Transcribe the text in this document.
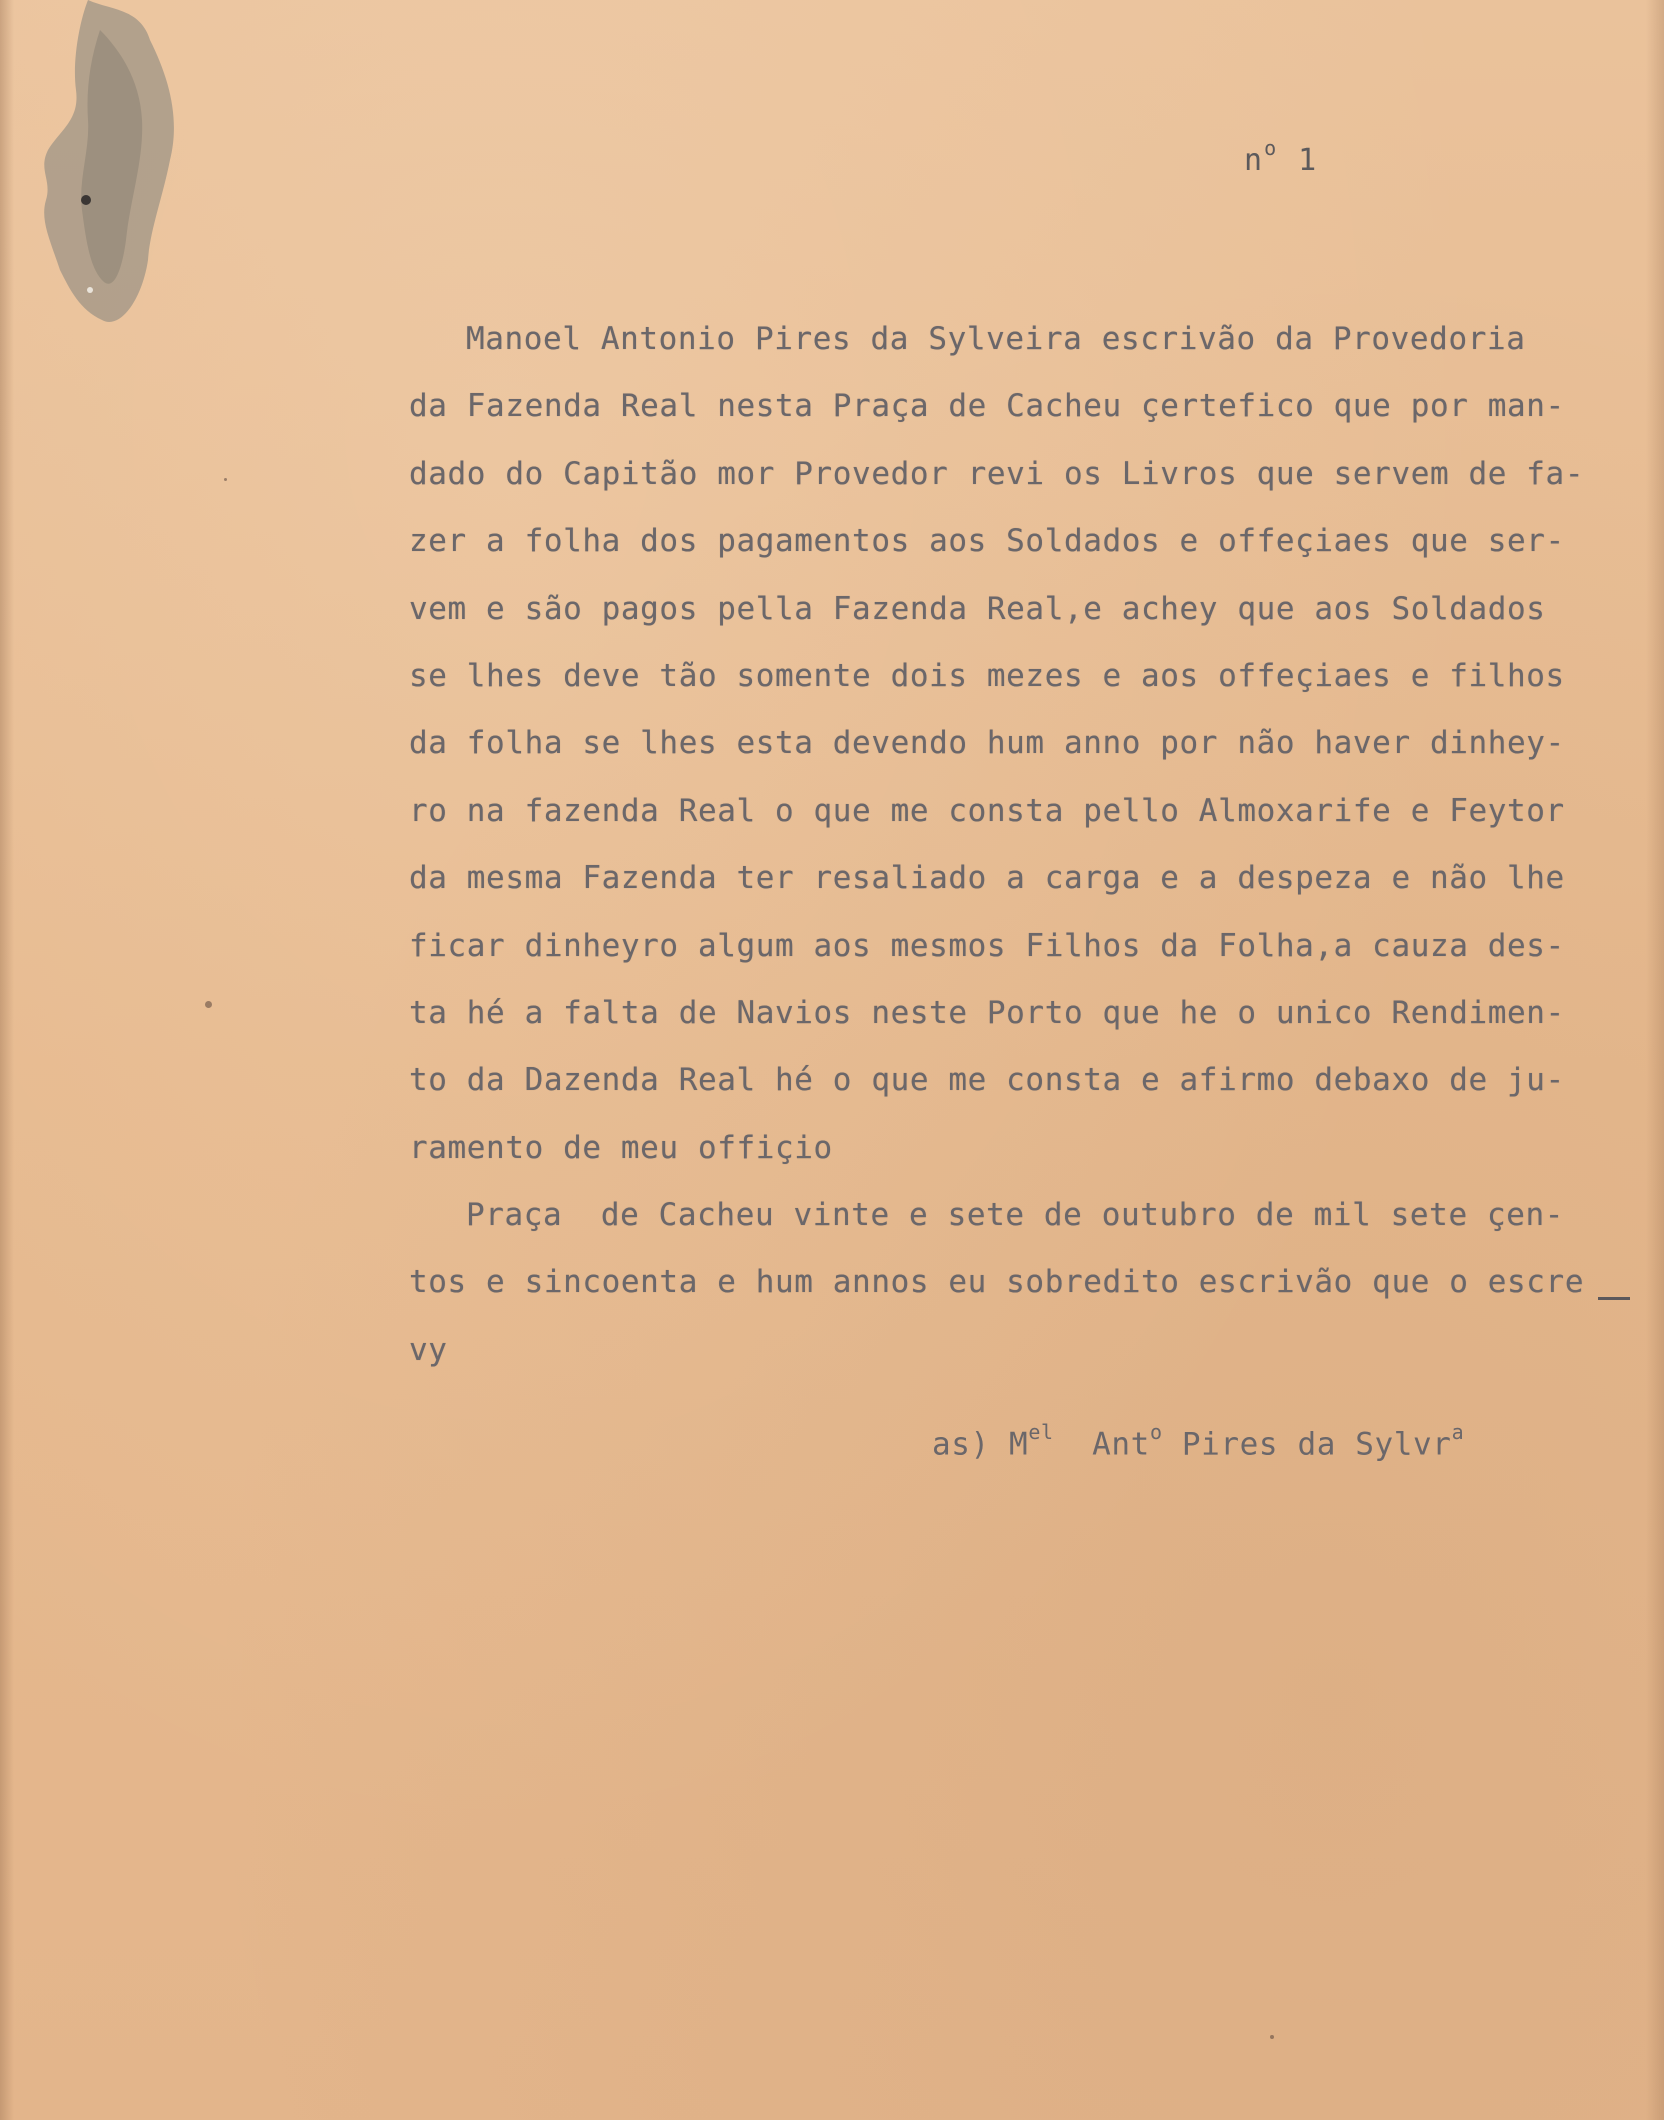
$n^o$ 1
Manoel Antonio Pires da Sylveira escrivão da Provedoria
da Fazenda Real nesta Praça de Cacheu çertefico que por man-
dado do Capitão mor Provedor revi os Livros que servem de fa-
zer a folha dos pagamentos aos Soldados e offeçiaes que ser-
vem e são pagos pella Fazenda Real,e achey que aos Soldados
se lhes deve tão somente dois mezes e aos offeçiaes e filhos
da folha se lhes esta devendo hum anno por não haver dinhey-
ro na fazenda Real o que me consta pello Almoxarife e Feytor
da mesma Fazenda ter resaliado a carga e a despeza e não lhe
ficar dinheyro algum aos mesmos Filhos da Folha,a cauza des-
ta hé a falta de Navios neste Porto que he o unico Rendimen-
to da Dazenda Real hé o que me consta e afirmo debaxo de ju-
ramento de meu offiçio
Praça  de Cacheu vinte e sete de outubro de mil sete çen-
tos e sincoenta e hum annos eu sobredito escrivão que o escre
vy
as) $M^{el}$  Ant$^o$ Pires da Sylvr$^a$
